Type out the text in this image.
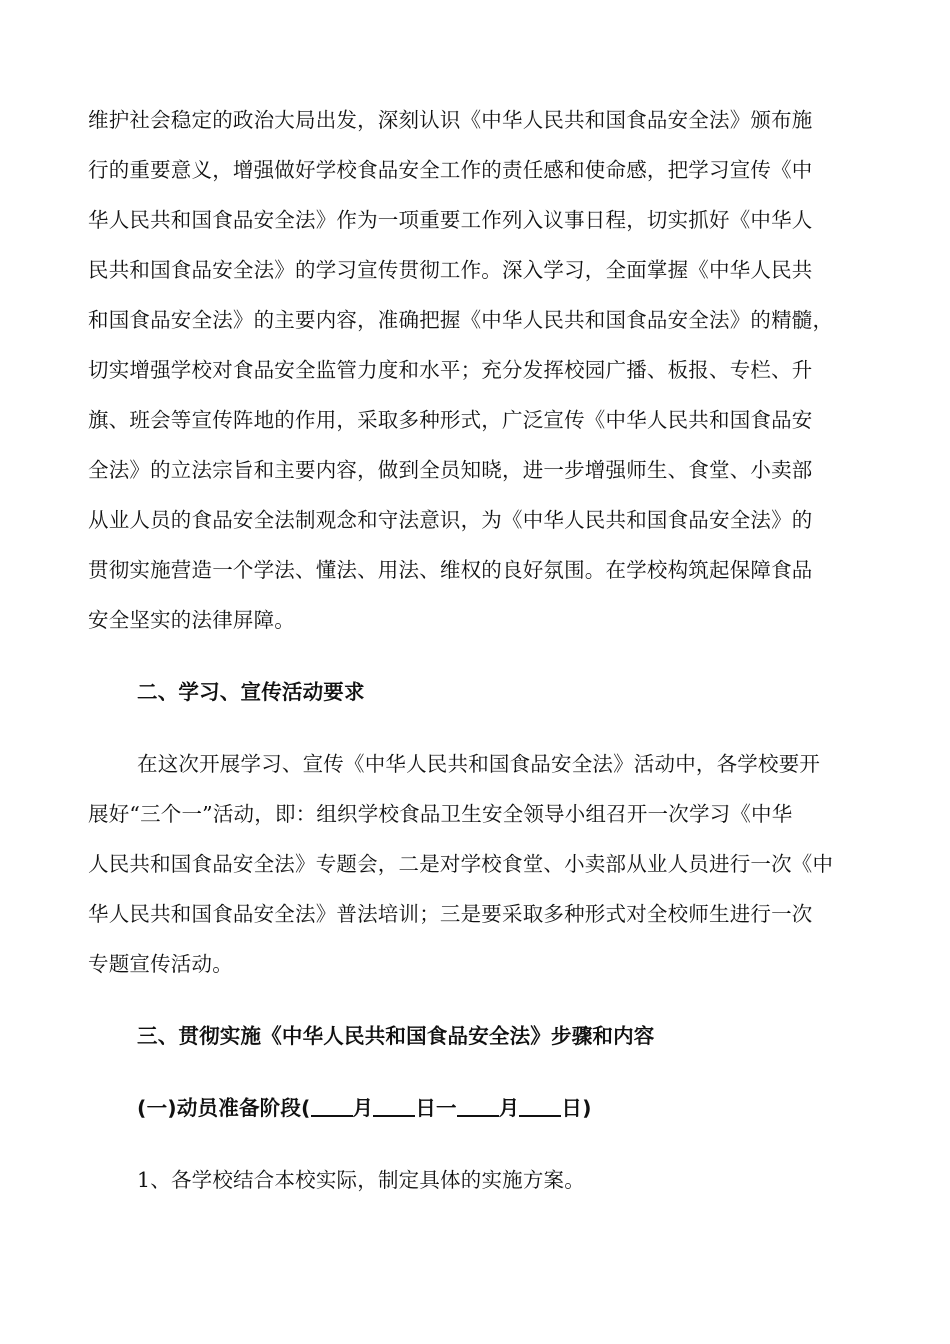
维护社会稳定的政治大局出发，深刻认识《中华人民共和国食品安全法》颁布施
行的重要意义，增强做好学校食品安全工作的责任感和使命感，把学习宣传《中
华人民共和国食品安全法》作为一项重要工作列入议事日程，切实抓好《中华人
民共和国食品安全法》的学习宣传贯彻工作。深入学习，全面掌握《中华人民共
和国食品安全法》的主要内容，准确把握《中华人民共和国食品安全法》的精髓，
切实增强学校对食品安全监管力度和水平；充分发挥校园广播、板报、专栏、升
旗、班会等宣传阵地的作用，采取多种形式，广泛宣传《中华人民共和国食品安
全法》的立法宗旨和主要内容，做到全员知晓，进一步增强师生、食堂、小卖部
从业人员的食品安全法制观念和守法意识，为《中华人民共和国食品安全法》的
贯彻实施营造一个学法、懂法、用法、维权的良好氛围。在学校构筑起保障食品
安全坚实的法律屏障。
二、学习、宣传活动要求
在这次开展学习、宣传《中华人民共和国食品安全法》活动中，各学校要开
展好“三个一”活动，即：组织学校食品卫生安全领导小组召开一次学习《中华
人民共和国食品安全法》专题会，二是对学校食堂、小卖部从业人员进行一次《中
华人民共和国食品安全法》普法培训；三是要采取多种形式对全校师生进行一次
专题宣传活动。
三、贯彻实施《中华人民共和国食品安全法》步骤和内容
(一)动员准备阶段( 月 日一 月 日)
1、各学校结合本校实际，制定具体的实施方案。
